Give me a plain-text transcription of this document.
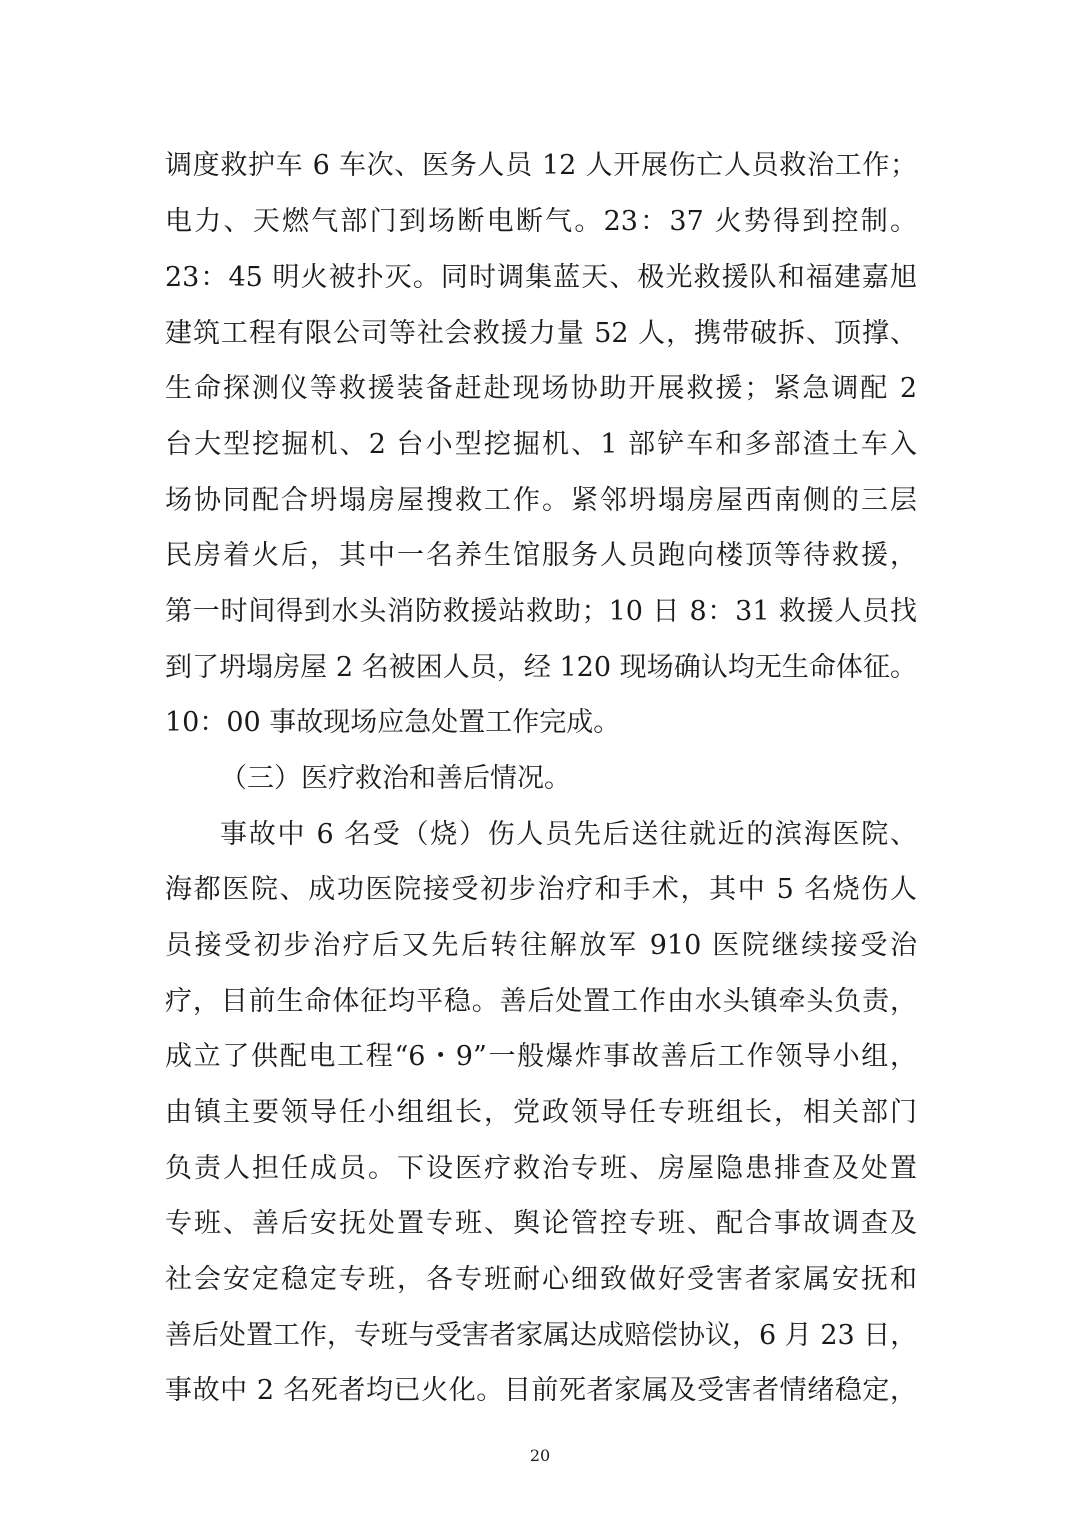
调度救护车 6 车次、医务人员 12 人开展伤亡人员救治工作；
电力、天燃气部门到场断电断气。23：37 火势得到控制。
23：45 明火被扑灭。同时调集蓝天、极光救援队和福建嘉旭
建筑工程有限公司等社会救援力量 52 人，携带破拆、顶撑、
生命探测仪等救援装备赶赴现场协助开展救援；紧急调配 2
台大型挖掘机、2 台小型挖掘机、1 部铲车和多部渣土车入
场协同配合坍塌房屋搜救工作。紧邻坍塌房屋西南侧的三层
民房着火后，其中一名养生馆服务人员跑向楼顶等待救援，
第一时间得到水头消防救援站救助；10 日 8：31 救援人员找
到了坍塌房屋 2 名被困人员，经 120 现场确认均无生命体征。
10：00 事故现场应急处置工作完成。
（三）医疗救治和善后情况。
事故中 6 名受（烧）伤人员先后送往就近的滨海医院、
海都医院、成功医院接受初步治疗和手术，其中 5 名烧伤人
员接受初步治疗后又先后转往解放军 910 医院继续接受治
疗，目前生命体征均平稳。善后处置工作由水头镇牵头负责，
成立了供配电工程“6・9”一般爆炸事故善后工作领导小组，
由镇主要领导任小组组长，党政领导任专班组长，相关部门
负责人担任成员。下设医疗救治专班、房屋隐患排查及处置
专班、善后安抚处置专班、舆论管控专班、配合事故调查及
社会安定稳定专班，各专班耐心细致做好受害者家属安抚和
善后处置工作，专班与受害者家属达成赔偿协议，6 月 23 日，
事故中 2 名死者均已火化。目前死者家属及受害者情绪稳定，
20
